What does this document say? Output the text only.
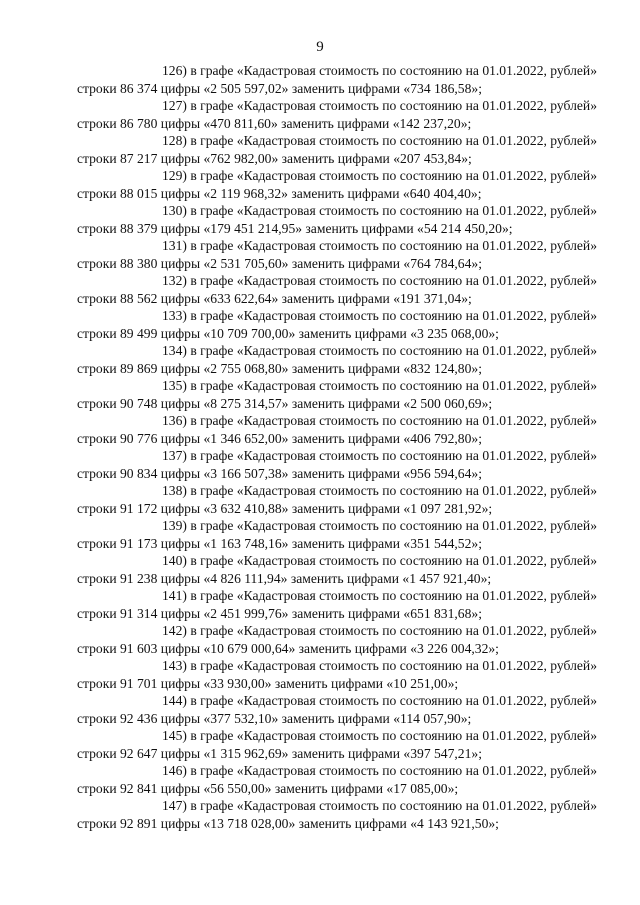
9
126) в графе «Кадастровая стоимость по состоянию на 01.01.2022, рублей»
строки 86 374 цифры «2 505 597,02» заменить цифрами «734 186,58»;
127) в графе «Кадастровая стоимость по состоянию на 01.01.2022, рублей»
строки 86 780 цифры «470 811,60» заменить цифрами «142 237,20»;
128) в графе «Кадастровая стоимость по состоянию на 01.01.2022, рублей»
строки 87 217 цифры «762 982,00» заменить цифрами «207 453,84»;
129) в графе «Кадастровая стоимость по состоянию на 01.01.2022, рублей»
строки 88 015 цифры «2 119 968,32» заменить цифрами «640 404,40»;
130) в графе «Кадастровая стоимость по состоянию на 01.01.2022, рублей»
строки 88 379 цифры «179 451 214,95» заменить цифрами «54 214 450,20»;
131) в графе «Кадастровая стоимость по состоянию на 01.01.2022, рублей»
строки 88 380 цифры «2 531 705,60» заменить цифрами «764 784,64»;
132) в графе «Кадастровая стоимость по состоянию на 01.01.2022, рублей»
строки 88 562 цифры «633 622,64» заменить цифрами «191 371,04»;
133) в графе «Кадастровая стоимость по состоянию на 01.01.2022, рублей»
строки 89 499 цифры «10 709 700,00» заменить цифрами «3 235 068,00»;
134) в графе «Кадастровая стоимость по состоянию на 01.01.2022, рублей»
строки 89 869 цифры «2 755 068,80» заменить цифрами «832 124,80»;
135) в графе «Кадастровая стоимость по состоянию на 01.01.2022, рублей»
строки 90 748 цифры «8 275 314,57» заменить цифрами «2 500 060,69»;
136) в графе «Кадастровая стоимость по состоянию на 01.01.2022, рублей»
строки 90 776 цифры «1 346 652,00» заменить цифрами «406 792,80»;
137) в графе «Кадастровая стоимость по состоянию на 01.01.2022, рублей»
строки 90 834 цифры «3 166 507,38» заменить цифрами «956 594,64»;
138) в графе «Кадастровая стоимость по состоянию на 01.01.2022, рублей»
строки 91 172 цифры «3 632 410,88» заменить цифрами «1 097 281,92»;
139) в графе «Кадастровая стоимость по состоянию на 01.01.2022, рублей»
строки 91 173 цифры «1 163 748,16» заменить цифрами «351 544,52»;
140) в графе «Кадастровая стоимость по состоянию на 01.01.2022, рублей»
строки 91 238 цифры «4 826 111,94» заменить цифрами «1 457 921,40»;
141) в графе «Кадастровая стоимость по состоянию на 01.01.2022, рублей»
строки 91 314 цифры «2 451 999,76» заменить цифрами «651 831,68»;
142) в графе «Кадастровая стоимость по состоянию на 01.01.2022, рублей»
строки 91 603 цифры «10 679 000,64» заменить цифрами «3 226 004,32»;
143) в графе «Кадастровая стоимость по состоянию на 01.01.2022, рублей»
строки 91 701 цифры «33 930,00» заменить цифрами «10 251,00»;
144) в графе «Кадастровая стоимость по состоянию на 01.01.2022, рублей»
строки 92 436 цифры «377 532,10» заменить цифрами «114 057,90»;
145) в графе «Кадастровая стоимость по состоянию на 01.01.2022, рублей»
строки 92 647 цифры «1 315 962,69» заменить цифрами «397 547,21»;
146) в графе «Кадастровая стоимость по состоянию на 01.01.2022, рублей»
строки 92 841 цифры «56 550,00» заменить цифрами «17 085,00»;
147) в графе «Кадастровая стоимость по состоянию на 01.01.2022, рублей»
строки 92 891 цифры «13 718 028,00» заменить цифрами «4 143 921,50»;
